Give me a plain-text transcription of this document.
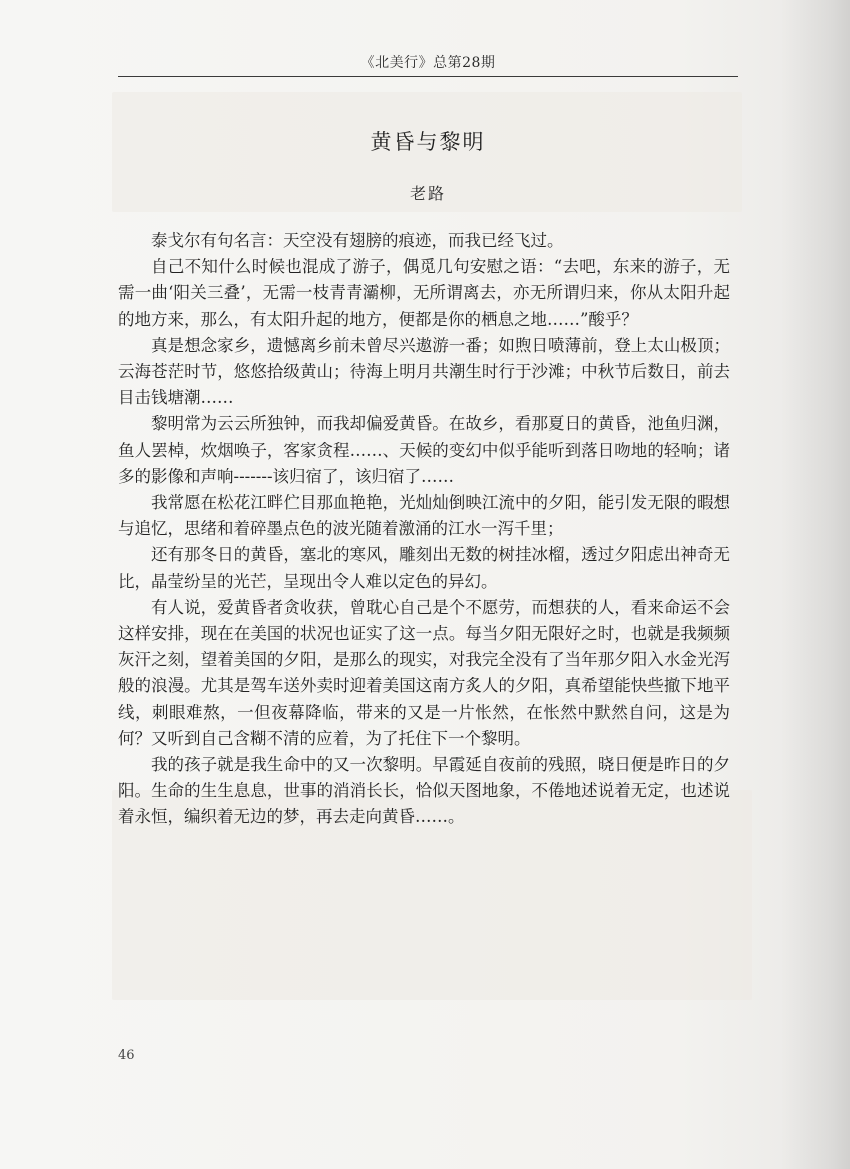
《北美行》总第28期
黄昏与黎明
老路

泰戈尔有句名言：天空没有翅膀的痕迹，而我已经飞过。

自己不知什么时候也混成了游子，偶觅几句安慰之语：“去吧，东来的游子，无需一曲‘阳关三叠’，无需一枝青青灞柳，无所谓离去，亦无所谓归来，你从太阳升起的地方来，那么，有太阳升起的地方，便都是你的栖息之地……”酸乎？

真是想念家乡，遗憾离乡前未曾尽兴遨游一番；如煦日喷薄前，登上太山极顶；云海苍茫时节，悠悠拾级黄山；待海上明月共潮生时行于沙滩；中秋节后数日，前去目击钱塘潮……

黎明常为云云所独钟，而我却偏爱黄昏。在故乡，看那夏日的黄昏，池鱼归渊，鱼人罢棹，炊烟唤子，客家贪程……、天候的变幻中似乎能听到落日吻地的轻响；诸多的影像和声响-------该归宿了，该归宿了……

我常愿在松花江畔伫目那血艳艳，光灿灿倒映江流中的夕阳，能引发无限的暇想与追忆，思绪和着碎墨点色的波光随着激涌的江水一泻千里；

还有那冬日的黄昏，塞北的寒风，雕刻出无数的树挂冰榴，透过夕阳虑出神奇无比，晶莹纷呈的光芒，呈现出令人难以定色的异幻。

有人说，爱黄昏者贪收获，曾耽心自己是个不愿劳，而想获的人，看来命运不会这样安排，现在在美国的状况也证实了这一点。每当夕阳无限好之时，也就是我频频灰汗之刻，望着美国的夕阳，是那么的现实，对我完全没有了当年那夕阳入水金光泻般的浪漫。尤其是驾车送外卖时迎着美国这南方炙人的夕阳，真希望能快些撤下地平线，刺眼难熬，一但夜幕降临，带来的又是一片怅然，在怅然中默然自问，这是为何？又听到自己含糊不清的应着，为了托住下一个黎明。

我的孩子就是我生命中的又一次黎明。早霞延自夜前的残照，晓日便是昨日的夕阳。生命的生生息息，世事的消消长长，恰似天图地象，不倦地述说着无定，也述说着永恒，编织着无边的梦，再去走向黄昏……。

46
